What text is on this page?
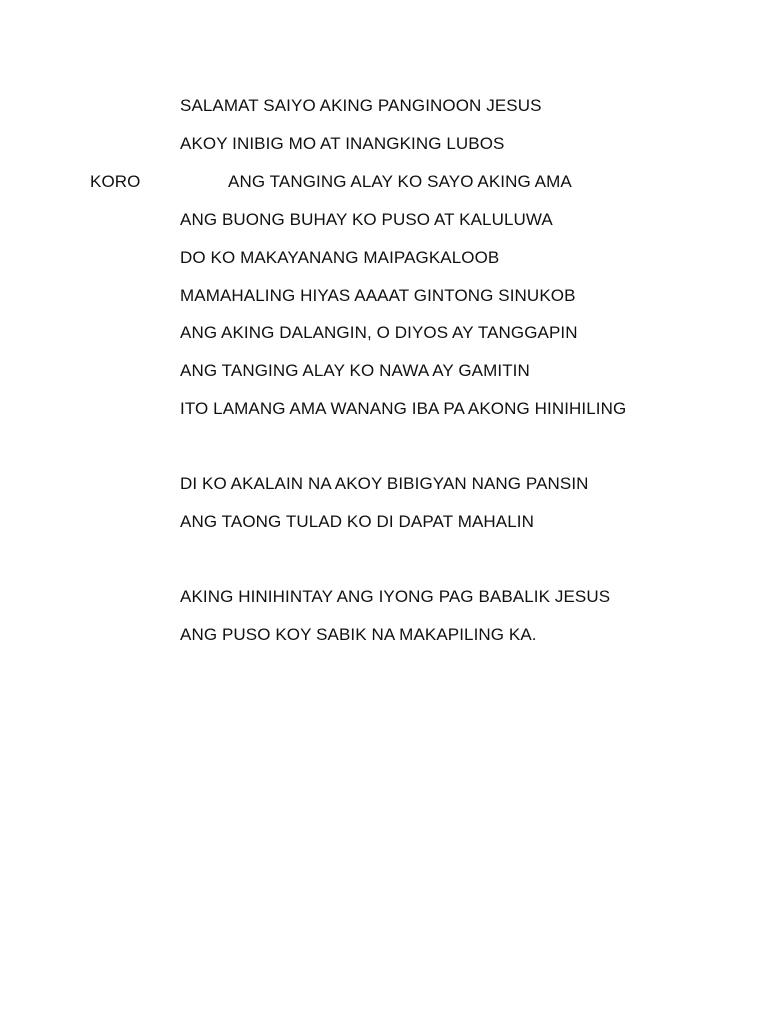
SALAMAT SAIYO AKING PANGINOON JESUS
AKOY INIBIG MO AT INANGKING LUBOS
KORO	ANG TANGING ALAY KO SAYO AKING AMA
ANG BUONG BUHAY KO PUSO AT KALULUWA
DO KO MAKAYANANG MAIPAGKALOOB
MAMAHALING HIYAS AAAAT GINTONG SINUKOB
ANG AKING DALANGIN, O DIYOS AY TANGGAPIN
ANG TANGING ALAY KO NAWA AY GAMITIN
ITO LAMANG AMA WANANG IBA PA AKONG HINIHILING
DI KO AKALAIN NA AKOY BIBIGYAN NANG PANSIN
ANG TAONG TULAD KO DI DAPAT MAHALIN
AKING HINIHINTAY ANG IYONG PAG BABALIK JESUS
ANG PUSO KOY SABIK NA MAKAPILING KA.
